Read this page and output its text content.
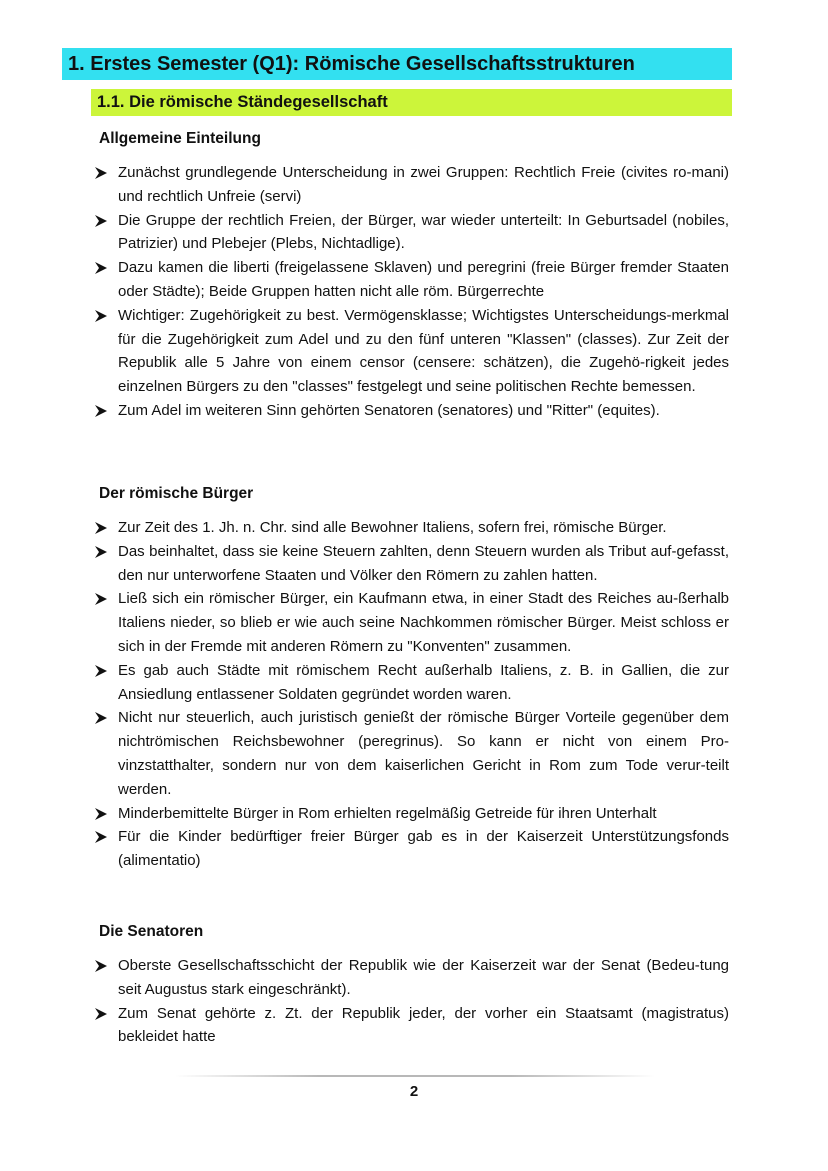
1. Erstes Semester (Q1): Römische Gesellschaftsstrukturen
1.1. Die römische Ständegesellschaft
Allgemeine Einteilung
Zunächst grundlegende Unterscheidung in zwei Gruppen: Rechtlich Freie (civites ro-mani) und rechtlich Unfreie (servi)
Die Gruppe der rechtlich Freien, der Bürger, war wieder unterteilt: In Geburtsadel (nobiles, Patrizier) und Plebejer (Plebs, Nichtadlige).
Dazu kamen die liberti (freigelassene Sklaven) und peregrini (freie Bürger fremder Staaten oder Städte); Beide Gruppen hatten nicht alle röm. Bürgerrechte
Wichtiger: Zugehörigkeit zu best. Vermögensklasse; Wichtigstes Unterscheidungs-merkmal für die Zugehörigkeit zum Adel und zu den fünf unteren "Klassen" (classes). Zur Zeit der Republik alle 5 Jahre von einem censor (censere: schätzen), die Zugehö-rigkeit jedes einzelnen Bürgers zu den "classes" festgelegt und seine politischen Rechte bemessen.
Zum Adel im weiteren Sinn gehörten Senatoren (senatores) und "Ritter" (equites).
Der römische Bürger
Zur Zeit des 1. Jh. n. Chr. sind alle Bewohner Italiens, sofern frei, römische Bürger.
Das beinhaltet, dass sie keine Steuern zahlten, denn Steuern wurden als Tribut auf-gefasst, den nur unterworfene Staaten und Völker den Römern zu zahlen hatten.
Ließ sich ein römischer Bürger, ein Kaufmann etwa, in einer Stadt des Reiches au-ßerhalb Italiens nieder, so blieb er wie auch seine Nachkommen römischer Bürger. Meist schloss er sich in der Fremde mit anderen Römern zu "Konventen" zusammen.
Es gab auch Städte mit römischem Recht außerhalb Italiens, z. B. in Gallien, die zur Ansiedlung entlassener Soldaten gegründet worden waren.
Nicht nur steuerlich, auch juristisch genießt der römische Bürger Vorteile gegenüber dem nichtrömischen Reichsbewohner (peregrinus). So kann er nicht von einem Pro-vinzstatthalter, sondern nur von dem kaiserlichen Gericht in Rom zum Tode verur-teilt werden.
Minderbemittelte Bürger in Rom erhielten regelmäßig Getreide für ihren Unterhalt
Für die Kinder bedürftiger freier Bürger gab es in der Kaiserzeit Unterstützungsfonds (alimentatio)
Die Senatoren
Oberste Gesellschaftsschicht der Republik wie der Kaiserzeit war der Senat (Bedeu-tung seit Augustus stark eingeschränkt).
Zum Senat gehörte z. Zt. der Republik jeder, der vorher ein Staatsamt (magistratus) bekleidet hatte
2
